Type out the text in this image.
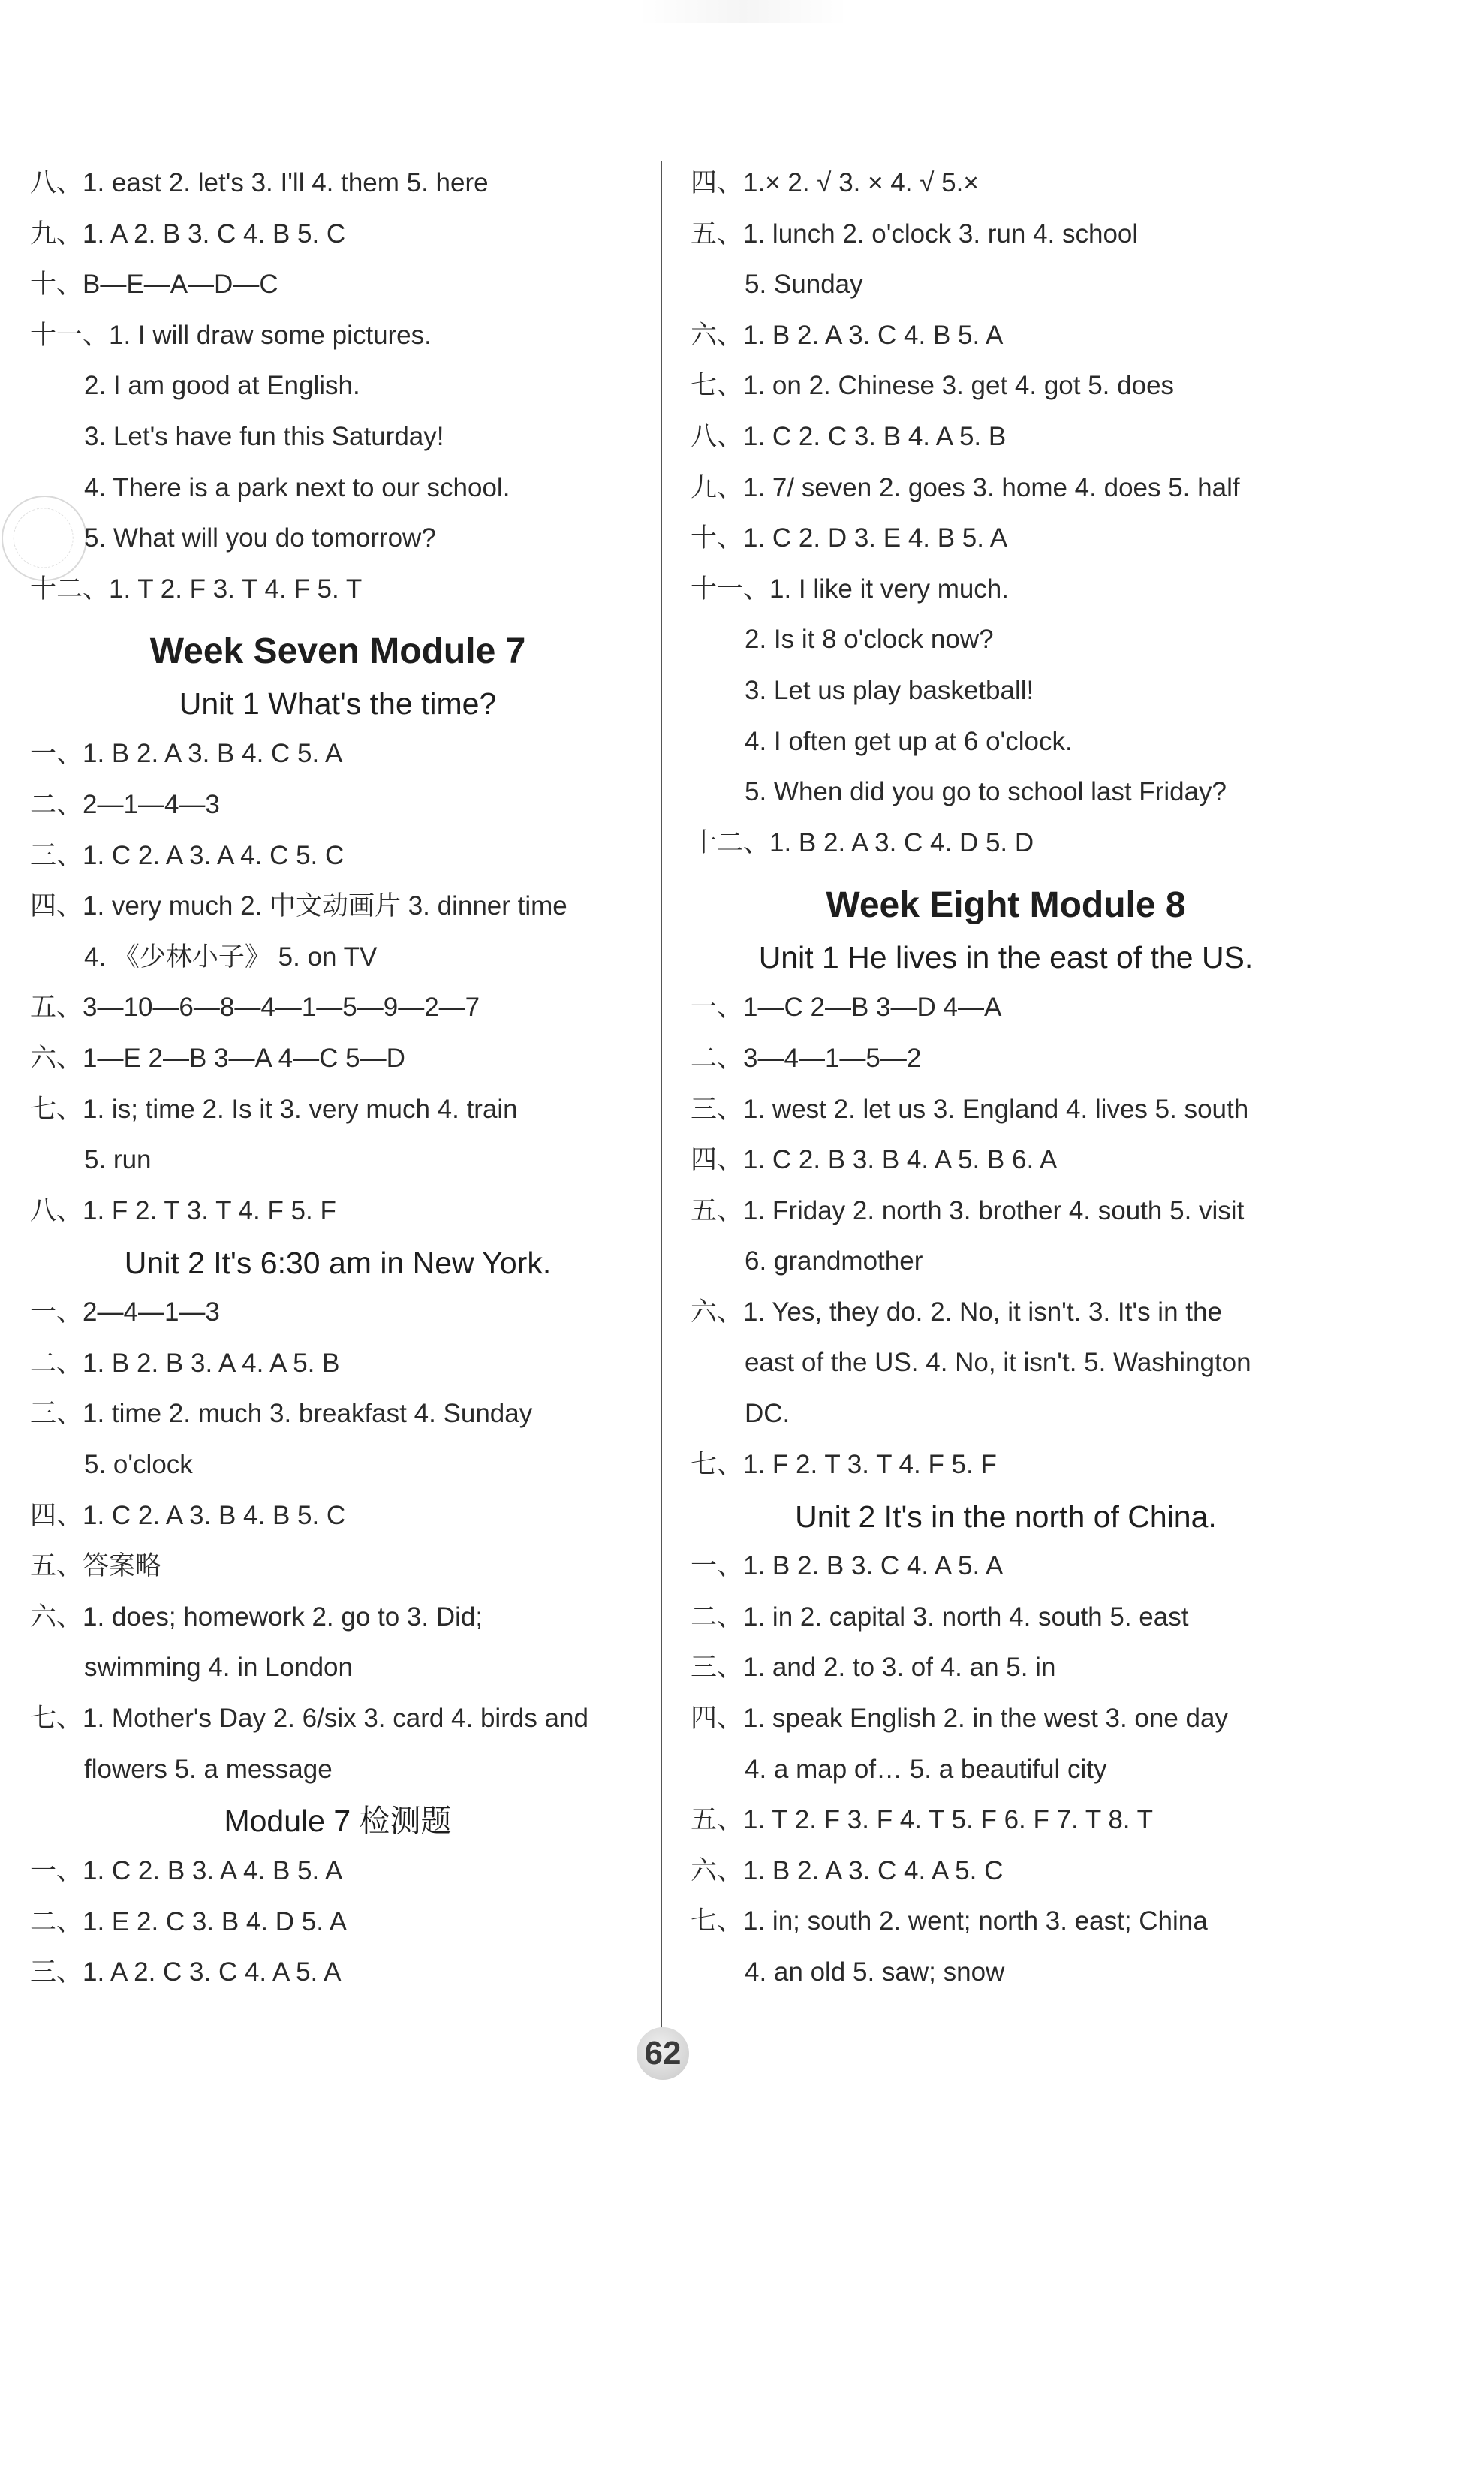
八、1. east 2. let's 3. I'll 4. them 5. here
九、1. A 2. B 3. C 4. B 5. C
十、B—E—A—D—C
十一、1. I will draw some pictures.
2. I am good at English.
3. Let's have fun this Saturday!
4. There is a park next to our school.
5. What will you do tomorrow?
十二、1. T 2. F 3. T 4. F 5. T
Week Seven Module 7
Unit 1 What's the time?
一、1. B 2. A 3. B 4. C 5. A
二、2—1—4—3
三、1. C 2. A 3. A 4. C 5. C
四、1. very much 2. 中文动画片 3. dinner time
4. 《少林小子》 5. on TV
五、3—10—6—8—4—1—5—9—2—7
六、1—E 2—B 3—A 4—C 5—D
七、1. is; time 2. Is it 3. very much 4. train
5. run
八、1. F 2. T 3. T 4. F 5. F
Unit 2 It's 6:30 am in New York.
一、2—4—1—3
二、1. B 2. B 3. A 4. A 5. B
三、1. time 2. much 3. breakfast 4. Sunday
5. o'clock
四、1. C 2. A 3. B 4. B 5. C
五、答案略
六、1. does; homework 2. go to 3. Did;
swimming 4. in London
七、1. Mother's Day 2. 6/six 3. card 4. birds and
flowers 5. a message
Module 7 检测题
一、1. C 2. B 3. A 4. B 5. A
二、1. E 2. C 3. B 4. D 5. A
三、1. A 2. C 3. C 4. A 5. A
四、1.× 2. √ 3. × 4. √ 5.×
五、1. lunch 2. o'clock 3. run 4. school
5. Sunday
六、1. B 2. A 3. C 4. B 5. A
七、1. on 2. Chinese 3. get 4. got 5. does
八、1. C 2. C 3. B 4. A 5. B
九、1. 7/ seven 2. goes 3. home 4. does 5. half
十、1. C 2. D 3. E 4. B 5. A
十一、1. I like it very much.
2. Is it 8 o'clock now?
3. Let us play basketball!
4. I often get up at 6 o'clock.
5. When did you go to school last Friday?
十二、1. B 2. A 3. C 4. D 5. D
Week Eight Module 8
Unit 1 He lives in the east of the US.
一、1—C 2—B 3—D 4—A
二、3—4—1—5—2
三、1. west 2. let us 3. England 4. lives 5. south
四、1. C 2. B 3. B 4. A 5. B 6. A
五、1. Friday 2. north 3. brother 4. south 5. visit
6. grandmother
六、1. Yes, they do. 2. No, it isn't. 3. It's in the
east of the US. 4. No, it isn't. 5. Washington
DC.
七、1. F 2. T 3. T 4. F 5. F
Unit 2 It's in the north of China.
一、1. B 2. B 3. C 4. A 5. A
二、1. in 2. capital 3. north 4. south 5. east
三、1. and 2. to 3. of 4. an 5. in
四、1. speak English 2. in the west 3. one day
4. a map of… 5. a beautiful city
五、1. T 2. F 3. F 4. T 5. F 6. F 7. T 8. T
六、1. B 2. A 3. C 4. A 5. C
七、1. in; south 2. went; north 3. east; China
4. an old 5. saw; snow
62
